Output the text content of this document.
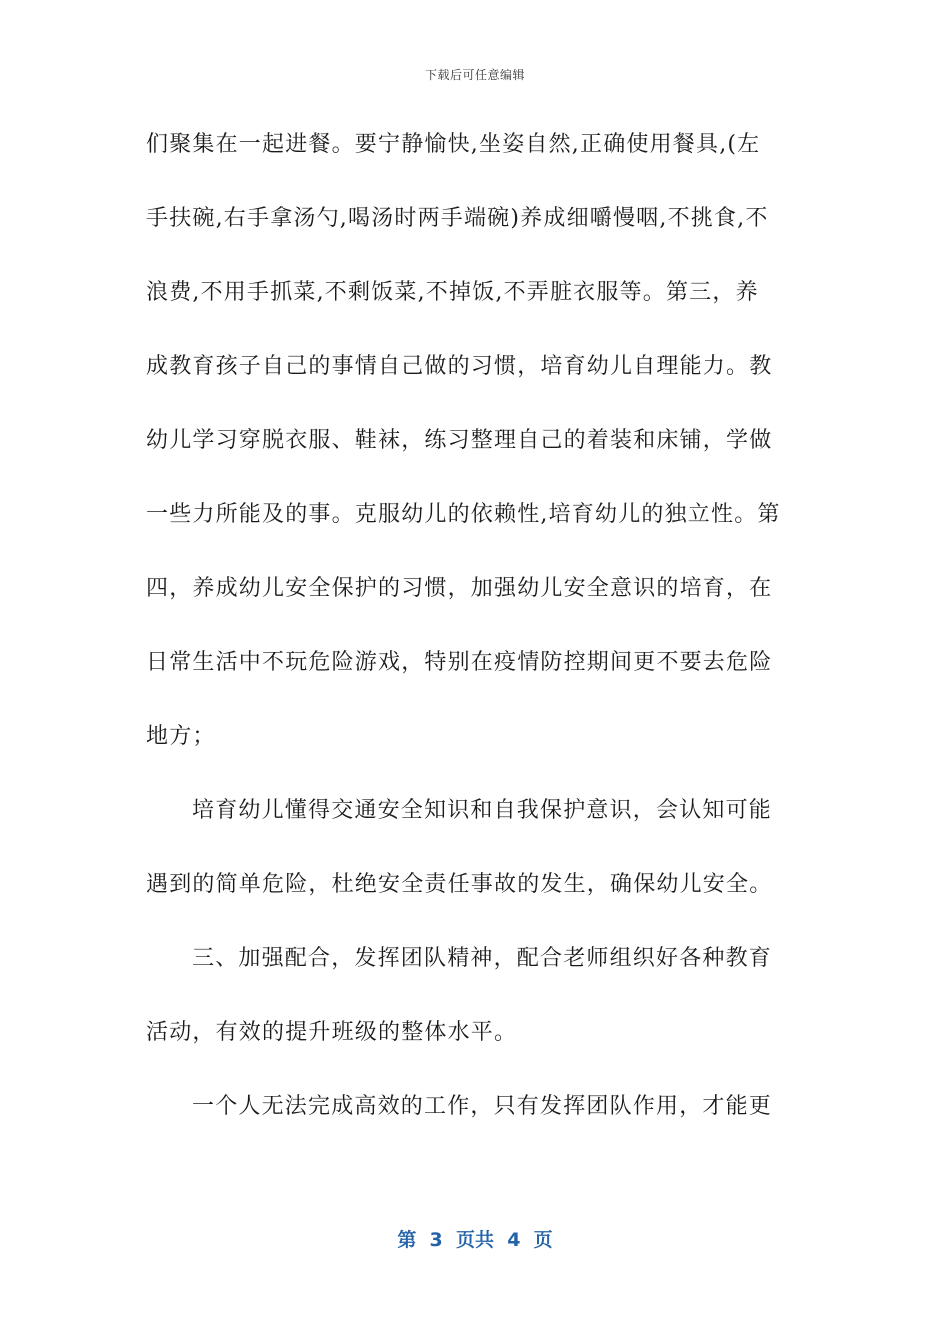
下载后可任意编辑
们聚集在一起进餐。要宁静愉快,坐姿自然,正确使用餐具,(左
手扶碗,右手拿汤勺,喝汤时两手端碗)养成细嚼慢咽,不挑食,不
浪费,不用手抓菜,不剩饭菜,不掉饭,不弄脏衣服等。第三，养
成教育孩子自己的事情自己做的习惯，培育幼儿自理能力。教
幼儿学习穿脱衣服、鞋袜，练习整理自己的着装和床铺，学做
一些力所能及的事。克服幼儿的依赖性,培育幼儿的独立性。第
四，养成幼儿安全保护的习惯，加强幼儿安全意识的培育，在
日常生活中不玩危险游戏，特别在疫情防控期间更不要去危险
地方；
培育幼儿懂得交通安全知识和自我保护意识，会认知可能
遇到的简单危险，杜绝安全责任事故的发生，确保幼儿安全。
三、加强配合，发挥团队精神，配合老师组织好各种教育
活动，有效的提升班级的整体水平。
一个人无法完成高效的工作，只有发挥团队作用，才能更
第  3  页共  4  页
